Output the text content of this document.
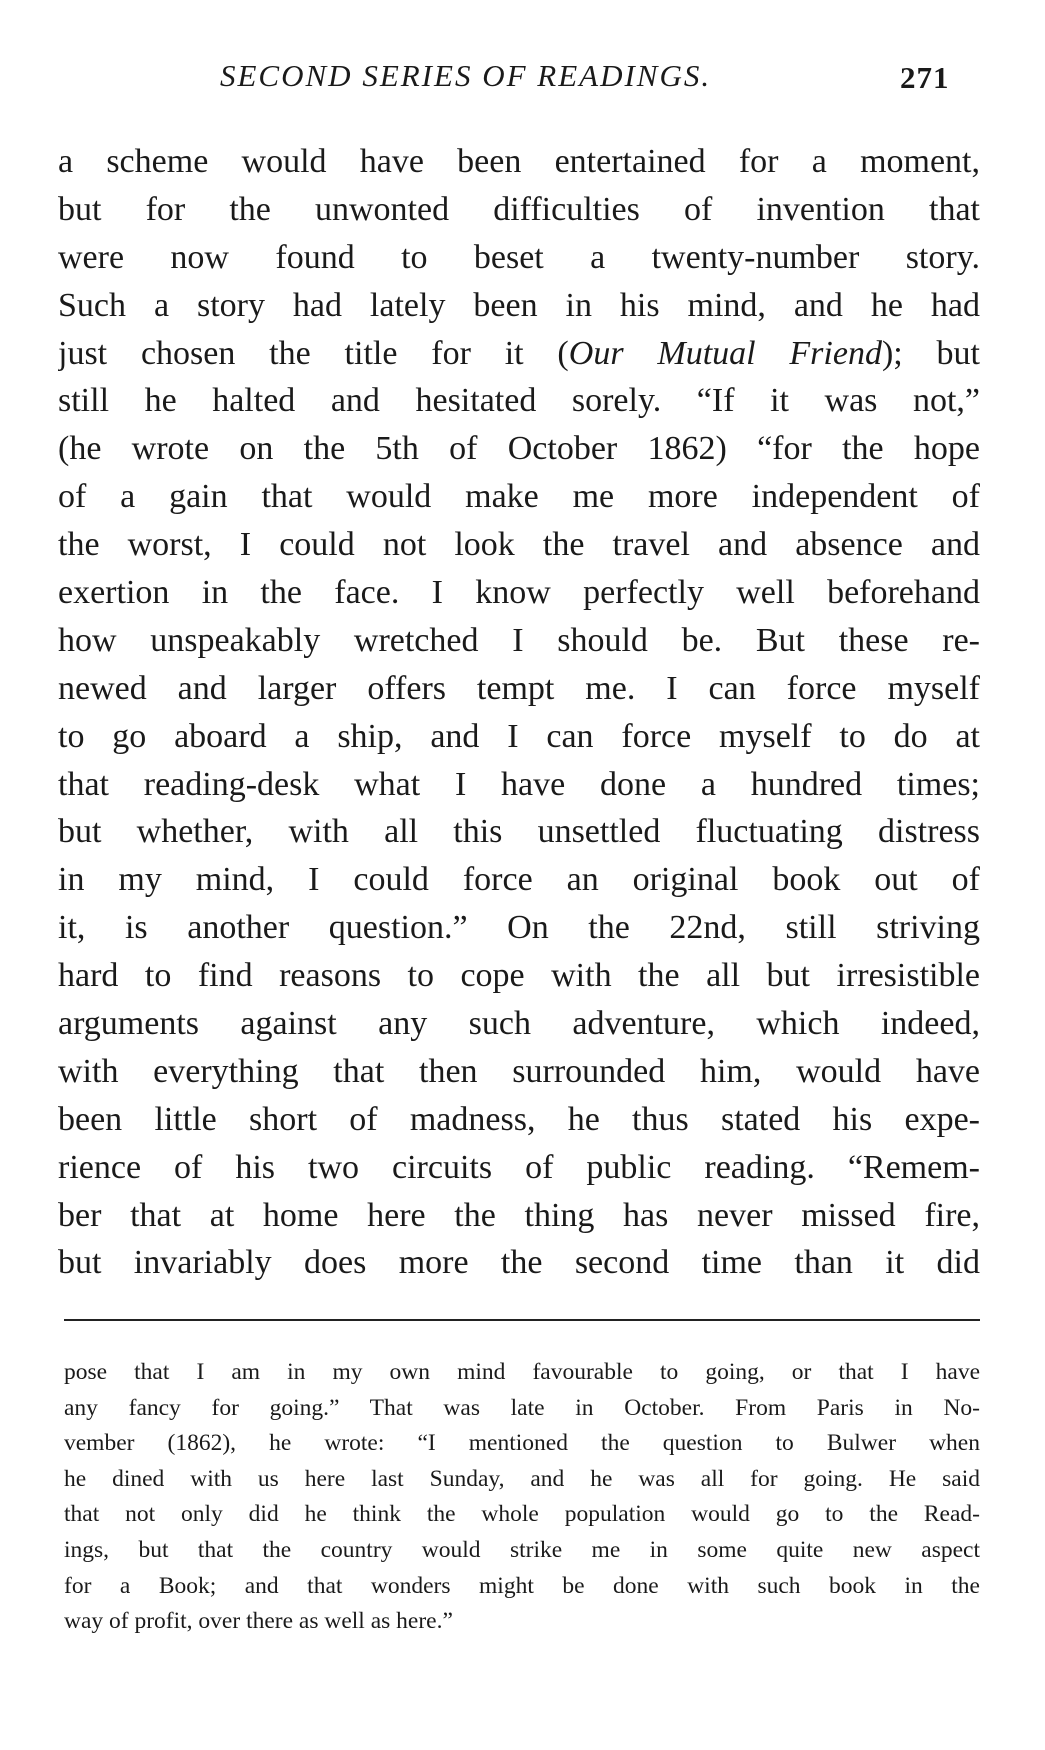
SECOND SERIES OF READINGS.	271
a scheme would have been entertained for a moment,
but for the unwonted difficulties of invention that
were now found to beset a twenty-number story.
Such a story had lately been in his mind, and he had
just chosen the title for it (Our Mutual Friend); but
still he halted and hesitated sorely. “If it was not,”
(he wrote on the 5th of October 1862) “for the hope
of a gain that would make me more independent of
the worst, I could not look the travel and absence and
exertion in the face. I know perfectly well beforehand
how unspeakably wretched I should be. But these re-
newed and larger offers tempt me. I can force myself
to go aboard a ship, and I can force myself to do at
that reading-desk what I have done a hundred times;
but whether, with all this unsettled fluctuating distress
in my mind, I could force an original book out of
it, is another question.” On the 22nd, still striving
hard to find reasons to cope with the all but irresistible
arguments against any such adventure, which indeed,
with everything that then surrounded him, would have
been little short of madness, he thus stated his expe-
rience of his two circuits of public reading. “Remem-
ber that at home here the thing has never missed fire,
but invariably does more the second time than it did
pose that I am in my own mind favourable to going, or that I have
any fancy for going.” That was late in October. From Paris in No-
vember (1862), he wrote: “I mentioned the question to Bulwer when
he dined with us here last Sunday, and he was all for going. He said
that not only did he think the whole population would go to the Read-
ings, but that the country would strike me in some quite new aspect
for a Book; and that wonders might be done with such book in the
way of profit, over there as well as here.”
